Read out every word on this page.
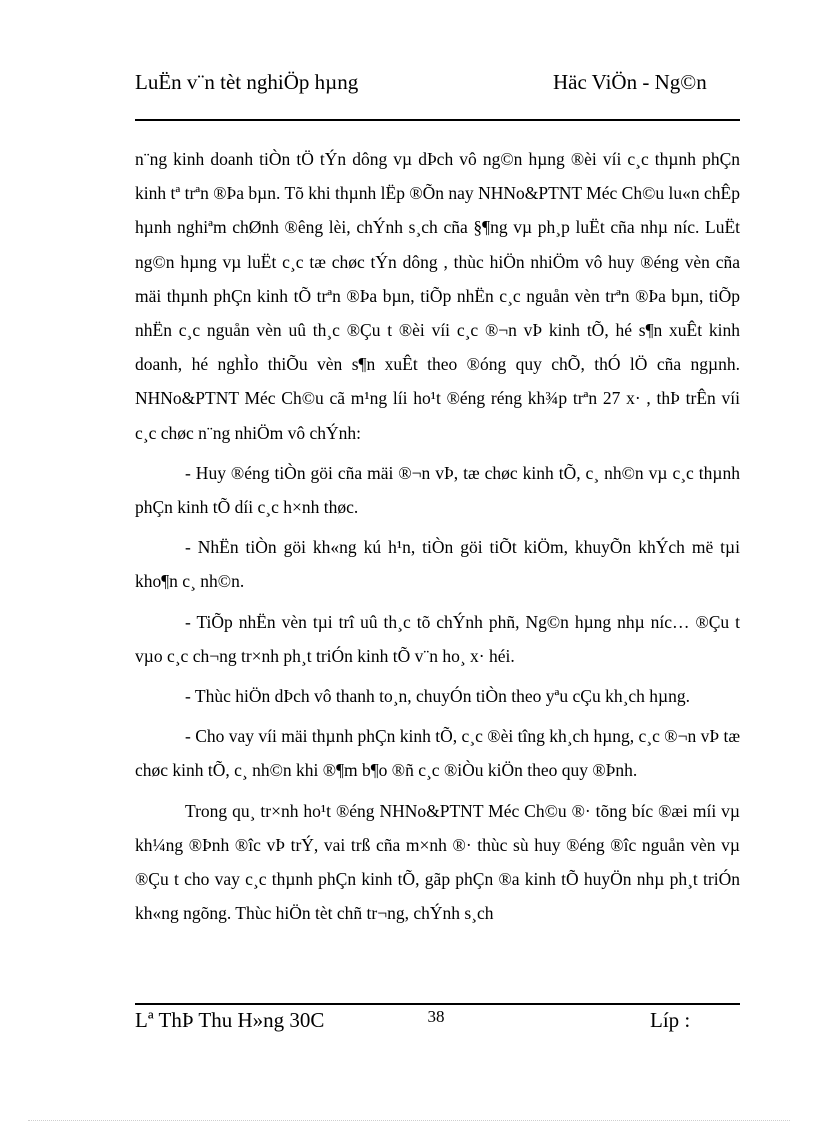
LuËn v¨n tèt nghiÖp hµng	Häc ViÖn - Ng©n

n¨ng kinh doanh tiÒn tÖ tÝn dông vµ dÞch vô ng©n hµng ®èi víi c¸c thµnh phÇn kinh tª trªn ®Þa bµn. Tõ khi thµnh lËp ®Õn nay NHNo&PTNT Méc Ch©u lu«n chÊp hµnh nghiªm chØnh ®êng lèi, chÝnh s¸ch cña §¶ng vµ ph¸p luËt cña nhµ níc. LuËt ng©n hµng vµ luËt c¸c tæ chøc tÝn dông , thùc hiÖn nhiÖm vô huy ®éng vèn cña mäi thµnh phÇn kinh tÕ trªn ®Þa bµn, tiÕp nhËn c¸c nguån vèn trªn ®Þa bµn, tiÕp nhËn c¸c nguån vèn uû th¸c ®Çu t ®èi víi c¸c ®¬n vÞ kinh tÕ, hé s¶n xuÊt kinh doanh, hé nghÌo thiÕu vèn s¶n xuÊt theo ®óng quy chÕ, thÓ lÖ cña ngµnh. NHNo&PTNT Méc Ch©u cã m¹ng líi ho¹t ®éng réng kh¾p trªn 27 x· , thÞ trÊn víi c¸c chøc n¨ng nhiÖm vô chÝnh:

- Huy ®éng tiÒn göi cña mäi ®¬n vÞ, tæ chøc kinh tÕ, c¸ nh©n vµ c¸c thµnh phÇn kinh tÕ díi c¸c h×nh thøc.

- NhËn tiÒn göi kh«ng kú h¹n, tiÒn göi tiÕt kiÖm, khuyÕn khÝch më tµi kho¶n c¸ nh©n.

- TiÕp nhËn vèn tµi trî uû th¸c tõ chÝnh phñ, Ng©n hµng nhµ níc… ®Çu t vµo c¸c ch¬ng tr×nh ph¸t triÓn kinh tÕ v¨n ho¸ x· héi.

- Thùc hiÖn dÞch vô thanh to¸n, chuyÓn tiÒn theo yªu cÇu kh¸ch hµng.

- Cho vay víi mäi thµnh phÇn kinh tÕ, c¸c ®èi tîng kh¸ch hµng, c¸c ®¬n vÞ tæ chøc kinh tÕ, c¸ nh©n khi ®¶m b¶o ®ñ c¸c ®iÒu kiÖn theo quy ®Þnh.

Trong qu¸ tr×nh ho¹t ®éng NHNo&PTNT Méc Ch©u ®· tõng bíc ®æi míi vµ kh¼ng ®Þnh ®îc vÞ trÝ, vai trß cña m×nh ®· thùc sù huy ®éng ®îc nguån vèn vµ ®Çu t cho vay c¸c thµnh phÇn kinh tÕ, gãp phÇn ®a kinh tÕ huyÖn nhµ ph¸t triÓn kh«ng ngõng. Thùc hiÖn tèt chñ tr¬ng, chÝnh s¸ch

Lª ThÞ Thu H»ng 30C	38	Líp :
